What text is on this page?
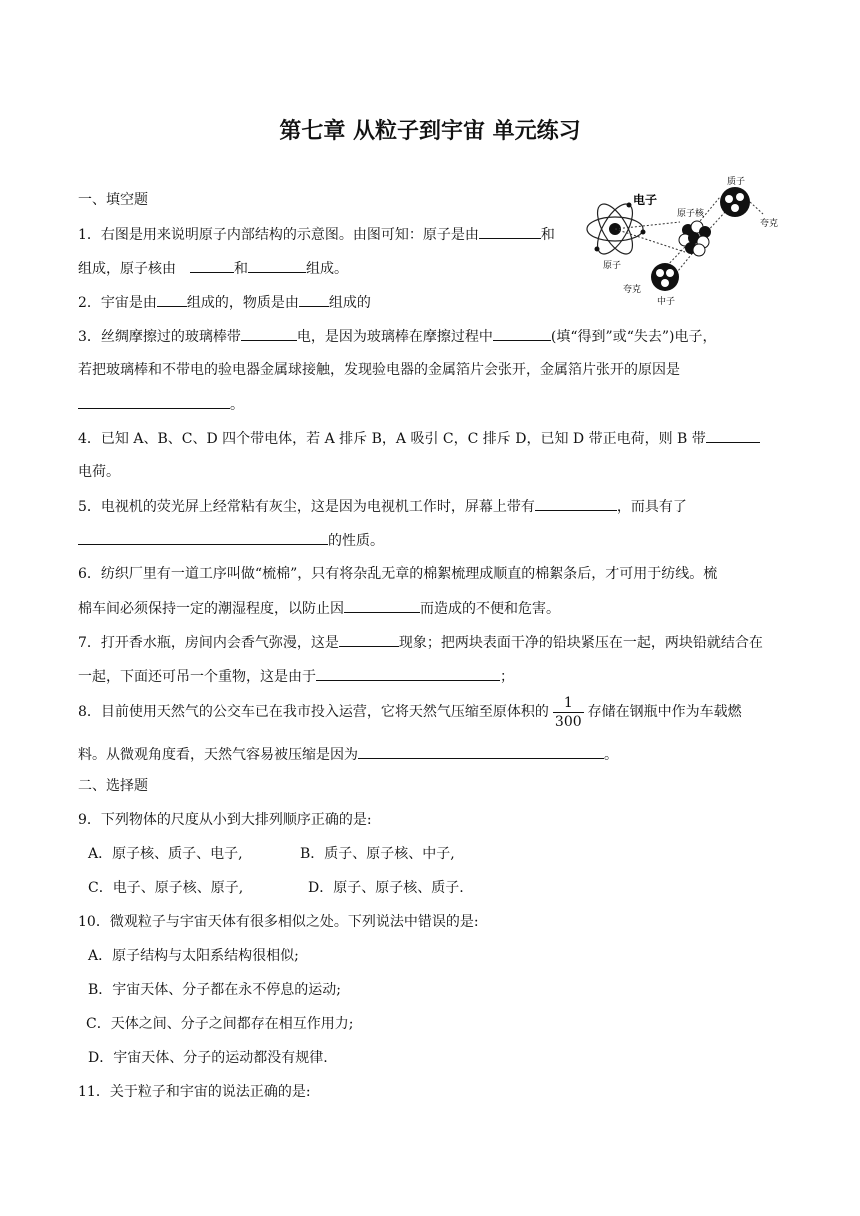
第七章 从粒子到宇宙 单元练习
一、填空题
1．右图是用来说明原子内部结构的示意图。由图可知：原子是由	和
组成，原子核由	和	组成。
2．宇宙是由 组成的，物质是由 组成的
电子
原子核
质子
夸克
原子
夸克
中子
3．丝绸摩擦过的玻璃棒带	电，是因为玻璃棒在摩擦过程中	(填“得到”或“失去”)电子，
若把玻璃棒和不带电的验电器金属球接触，发现验电器的金属箔片会张开，金属箔片张开的原因是
。
4．已知 A、B、C、D 四个带电体，若 A 排斥 B，A 吸引 C，C 排斥 D，已知 D 带正电荷，则 B 带
电荷。
5．电视机的荧光屏上经常粘有灰尘，这是因为电视机工作时，屏幕上带有	，而具有了
的性质。
6．纺织厂里有一道工序叫做“梳棉”，只有将杂乱无章的棉絮梳理成顺直的棉絮条后，才可用于纺线。梳
棉车间必须保持一定的潮湿程度，以防止因	而造成的不便和危害。
7．打开香水瓶，房间内会香气弥漫，这是	现象；把两块表面干净的铅块紧压在一起，两块铅就结合在
一起，下面还可吊一个重物，这是由于	；
8．目前使用天然气的公交车已在我市投入运营，它将天然气压缩至原体积的 $\frac{1}{300}$ 存储在钢瓶中作为车载燃
料。从微观角度看，天然气容易被压缩是因为	。
二、选择题
9．下列物体的尺度从小到大排列顺序正确的是:
A．原子核、质子、电子,	B．质子、原子核、中子,
C．电子、原子核、原子,	D．原子、原子核、质子.
10．微观粒子与宇宙天体有很多相似之处。下列说法中错误的是:
A．原子结构与太阳系结构很相似;
B．宇宙天体、分子都在永不停息的运动;
C．天体之间、分子之间都存在相互作用力;
D．宇宙天体、分子的运动都没有规律.
11．关于粒子和宇宙的说法正确的是:
